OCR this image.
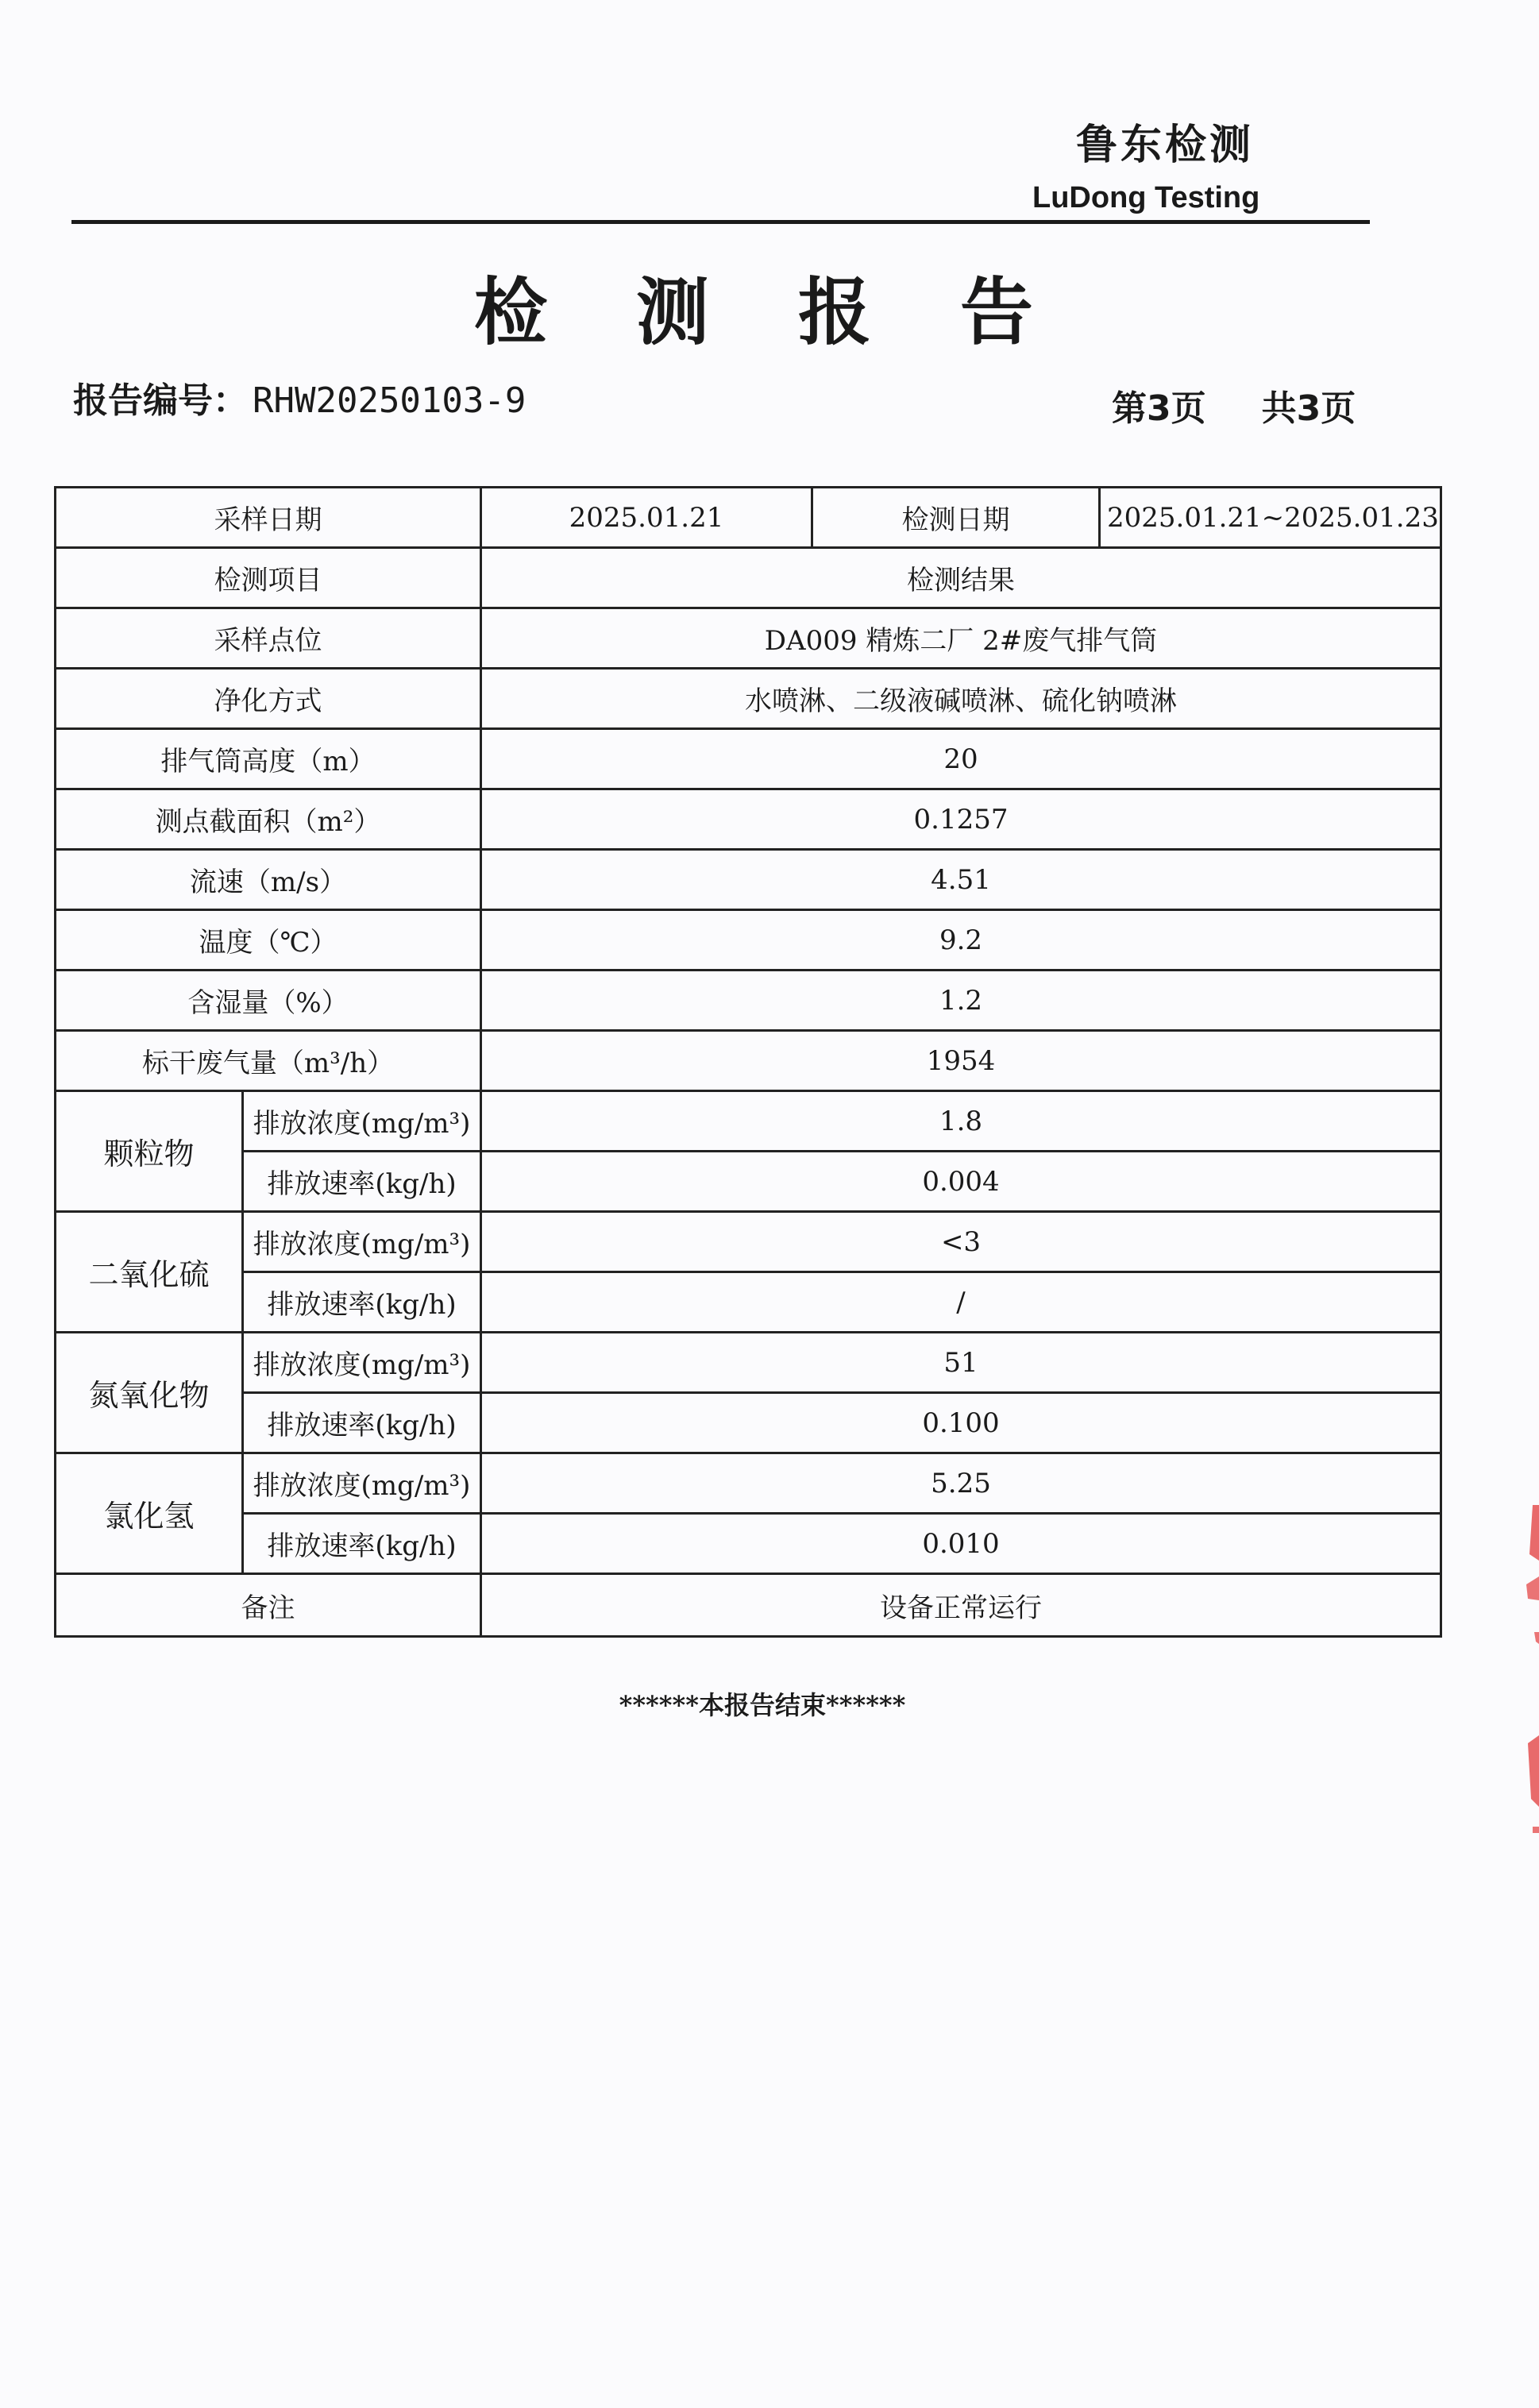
鲁东检测
LuDong Testing
检 测 报 告
报告编号： RHW20250103-9	第3页 共3页
采样日期		2025.01.21	检测日期	2025.01.21~2025.01.23
检测项目		检测结果		
采样点位		DA009 精炼二厂 2#废气排气筒		
净化方式		水喷淋、二级液碱喷淋、硫化钠喷淋		
排气筒高度（m）		20		
测点截面积（m²）		0.1257		
流速（m/s）		4.51		
温度（℃）		9.2		
含湿量（%）		1.2		
标干废气量（m³/h）		1954		
颗粒物	排放浓度(mg/m³)	1.8		
	排放速率(kg/h)	0.004		
二氧化硫	排放浓度(mg/m³)	<3		
	排放速率(kg/h)	/		
氮氧化物	排放浓度(mg/m³)	51		
	排放速率(kg/h)	0.100		
氯化氢	排放浓度(mg/m³)	5.25		
	排放速率(kg/h)	0.010		
备注		设备正常运行		
******本报告结束******
